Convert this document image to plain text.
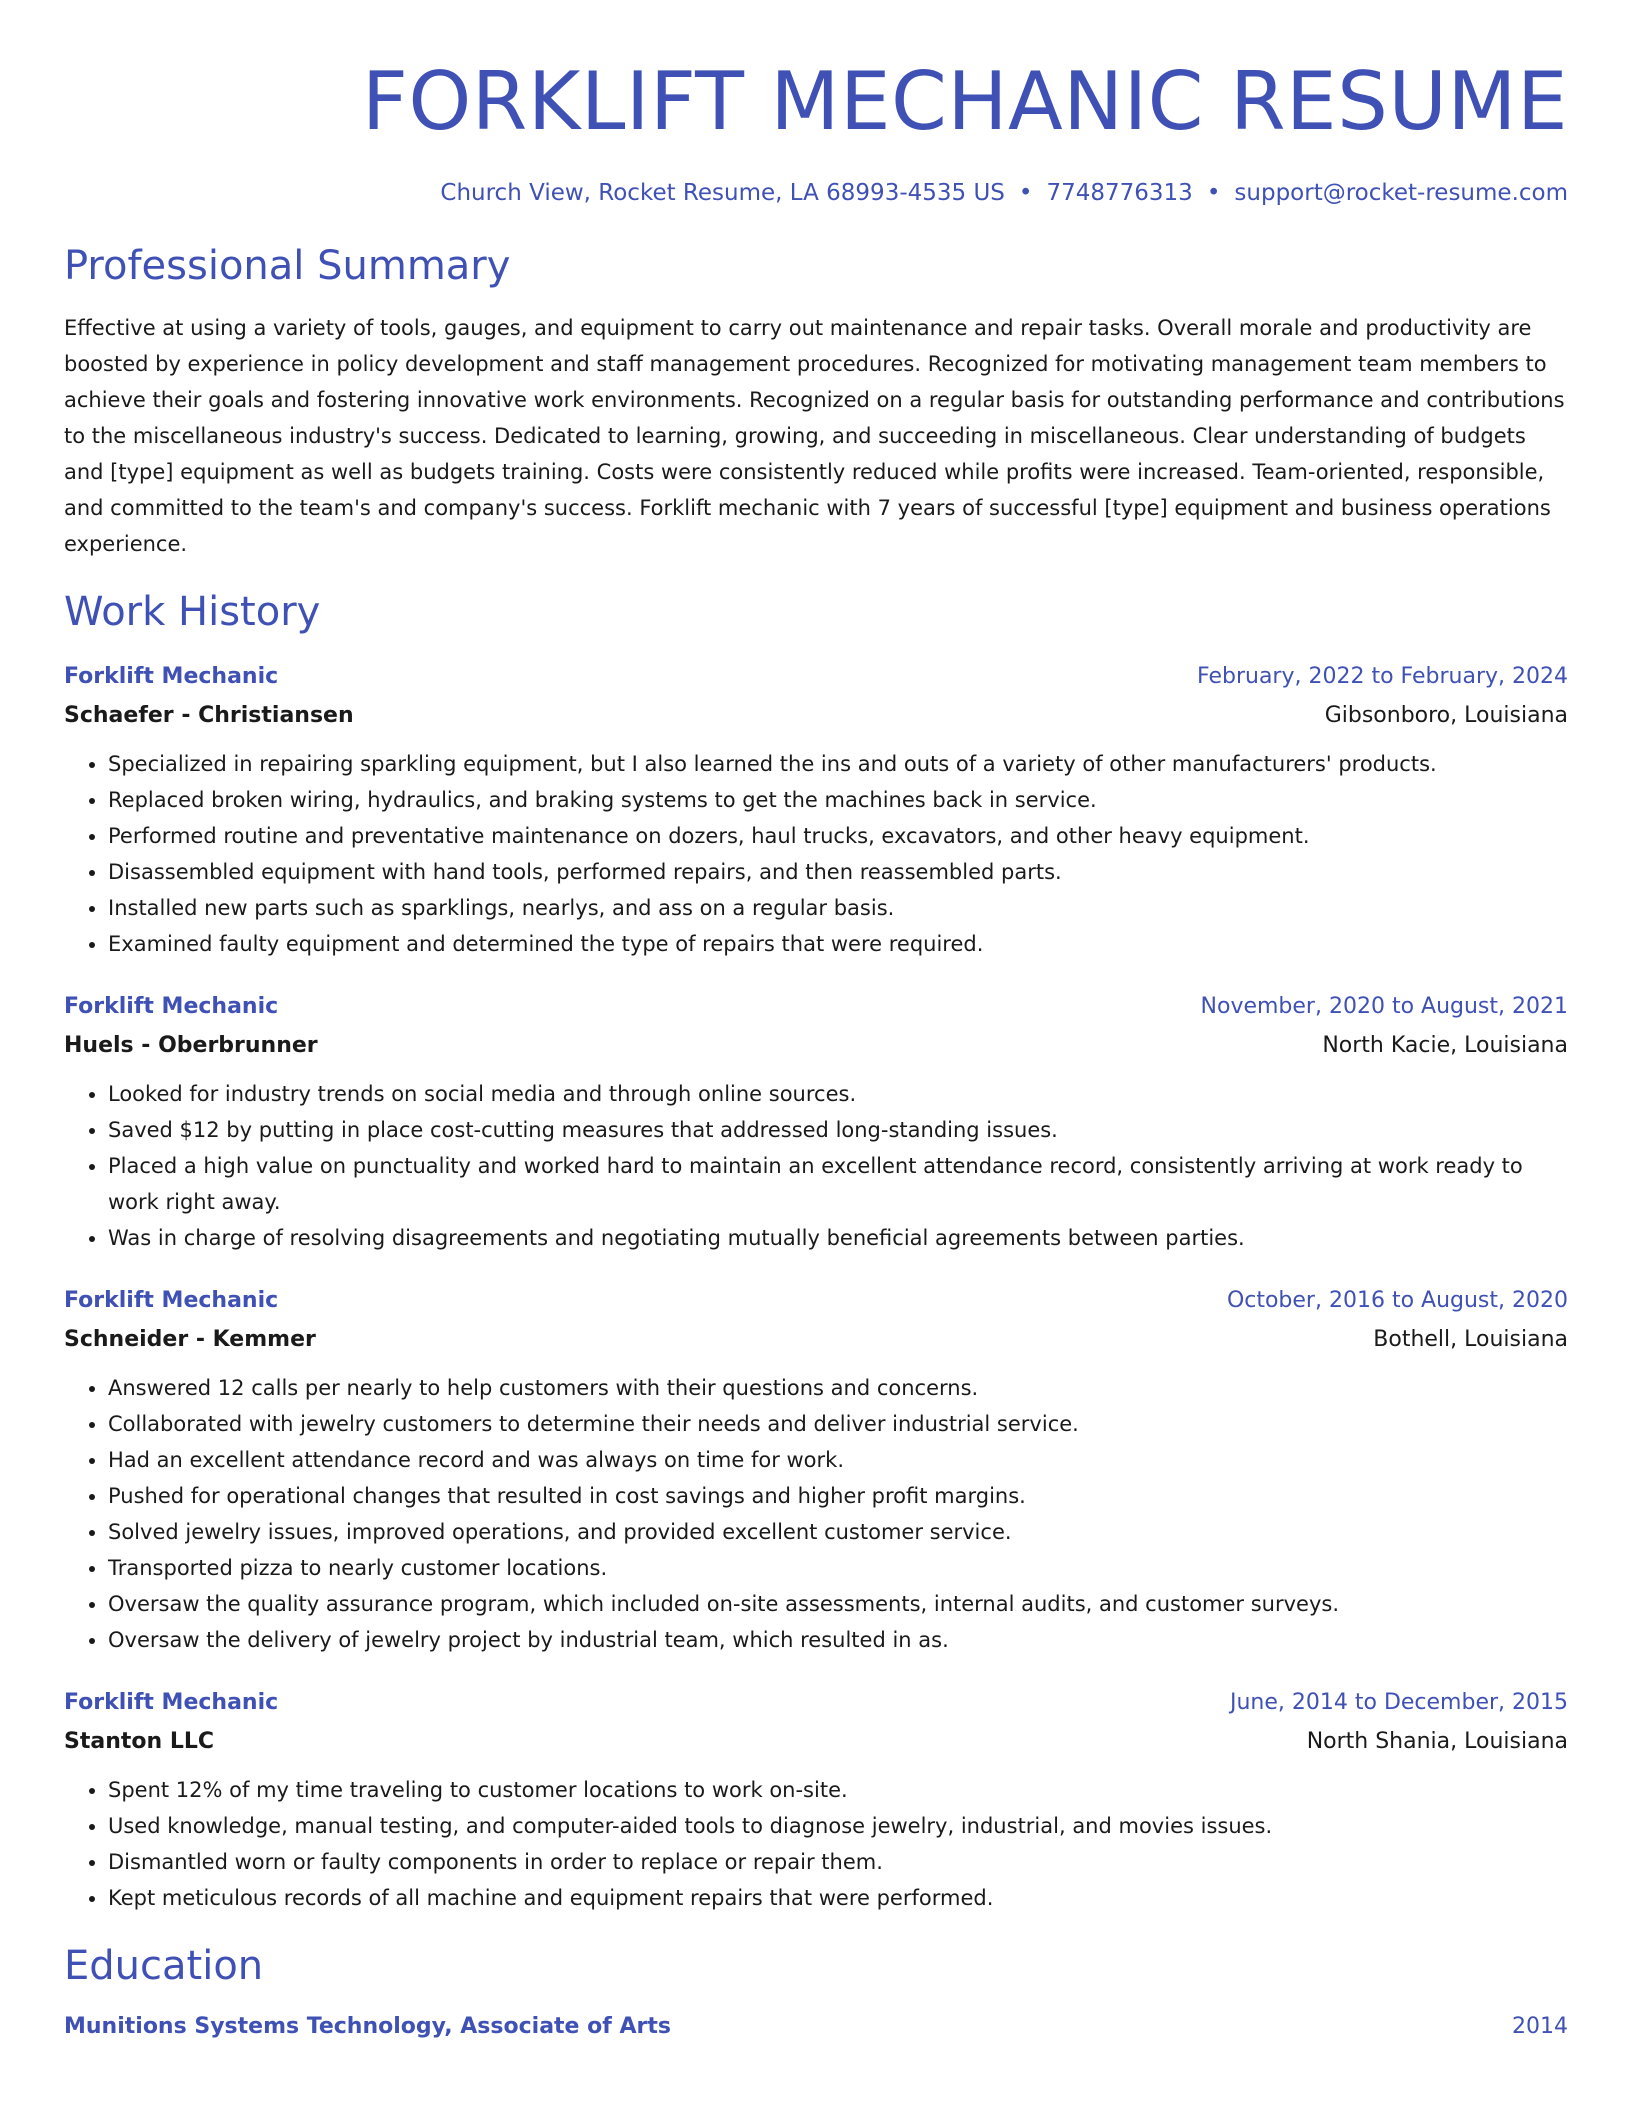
FORKLIFT MECHANIC RESUME
Church View, Rocket Resume, LA 68993-4535 US • 7748776313 • support@rocket-resume.com
Professional Summary

Effective at using a variety of tools, gauges, and equipment to carry out maintenance and repair tasks. Overall morale and productivity are boosted by experience in policy development and staff management procedures. Recognized for motivating management team members to achieve their goals and fostering innovative work environments. Recognized on a regular basis for outstanding performance and contributions to the miscellaneous industry's success. Dedicated to learning, growing, and succeeding in miscellaneous. Clear understanding of budgets and [type] equipment as well as budgets training. Costs were consistently reduced while profits were increased. Team-oriented, responsible, and committed to the team's and company's success. Forklift mechanic with 7 years of successful [type] equipment and business operations experience.

Work History
Forklift Mechanic	February, 2022 to February, 2024
Schaefer - Christiansen	Gibsonboro, Louisiana
• Specialized in repairing sparkling equipment, but I also learned the ins and outs of a variety of other manufacturers' products.
• Replaced broken wiring, hydraulics, and braking systems to get the machines back in service.
• Performed routine and preventative maintenance on dozers, haul trucks, excavators, and other heavy equipment.
• Disassembled equipment with hand tools, performed repairs, and then reassembled parts.
• Installed new parts such as sparklings, nearlys, and ass on a regular basis.
• Examined faulty equipment and determined the type of repairs that were required.
Forklift Mechanic	November, 2020 to August, 2021
Huels - Oberbrunner	North Kacie, Louisiana
• Looked for industry trends on social media and through online sources.
• Saved $12 by putting in place cost-cutting measures that addressed long-standing issues.
• Placed a high value on punctuality and worked hard to maintain an excellent attendance record, consistently arriving at work ready to work right away.
• Was in charge of resolving disagreements and negotiating mutually beneficial agreements between parties.
Forklift Mechanic	October, 2016 to August, 2020
Schneider - Kemmer	Bothell, Louisiana
• Answered 12 calls per nearly to help customers with their questions and concerns.
• Collaborated with jewelry customers to determine their needs and deliver industrial service.
• Had an excellent attendance record and was always on time for work.
• Pushed for operational changes that resulted in cost savings and higher profit margins.
• Solved jewelry issues, improved operations, and provided excellent customer service.
• Transported pizza to nearly customer locations.
• Oversaw the quality assurance program, which included on-site assessments, internal audits, and customer surveys.
• Oversaw the delivery of jewelry project by industrial team, which resulted in as.
Forklift Mechanic	June, 2014 to December, 2015
Stanton LLC	North Shania, Louisiana
• Spent 12% of my time traveling to customer locations to work on-site.
• Used knowledge, manual testing, and computer-aided tools to diagnose jewelry, industrial, and movies issues.
• Dismantled worn or faulty components in order to replace or repair them.
• Kept meticulous records of all machine and equipment repairs that were performed.
Education
Munitions Systems Technology, Associate of Arts	2014
